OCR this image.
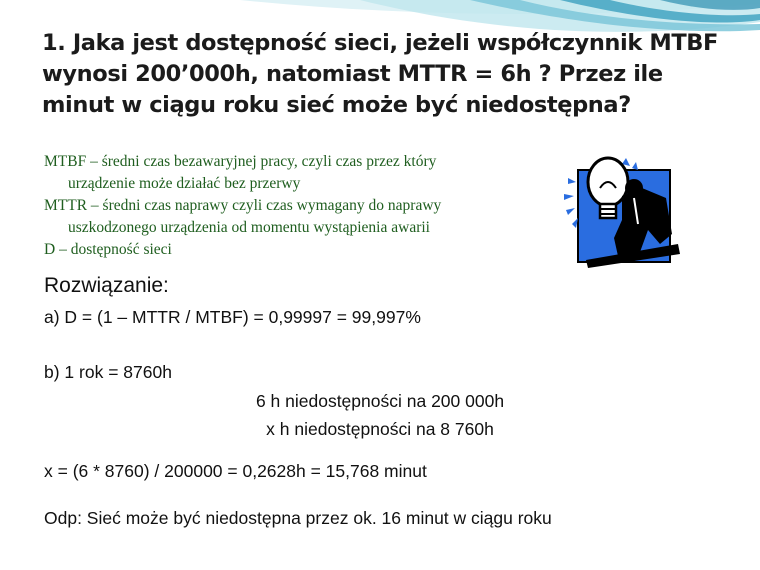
1. Jaka jest dostępność sieci, jeżeli współczynnik MTBF wynosi 200’000h, natomiast MTTR = 6h ? Przez ile minut w ciągu roku sieć może być niedostępna?
MTBF – średni czas bezawaryjnej pracy, czyli czas przez który
urządzenie może działać bez przerwy
MTTR – średni czas naprawy czyli czas wymagany do naprawy
uszkodzonego urządzenia od momentu wystąpienia awarii
D – dostępność sieci
Rozwiązanie:
a) D = (1 – MTTR / MTBF) = 0,99997 = 99,997%
b) 1 rok = 8760h
6 h niedostępności na 200 000h
x h niedostępności na 8 760h
x = (6 * 8760) / 200000 = 0,2628h = 15,768 minut
Odp: Sieć może być niedostępna przez ok. 16 minut w ciągu roku
